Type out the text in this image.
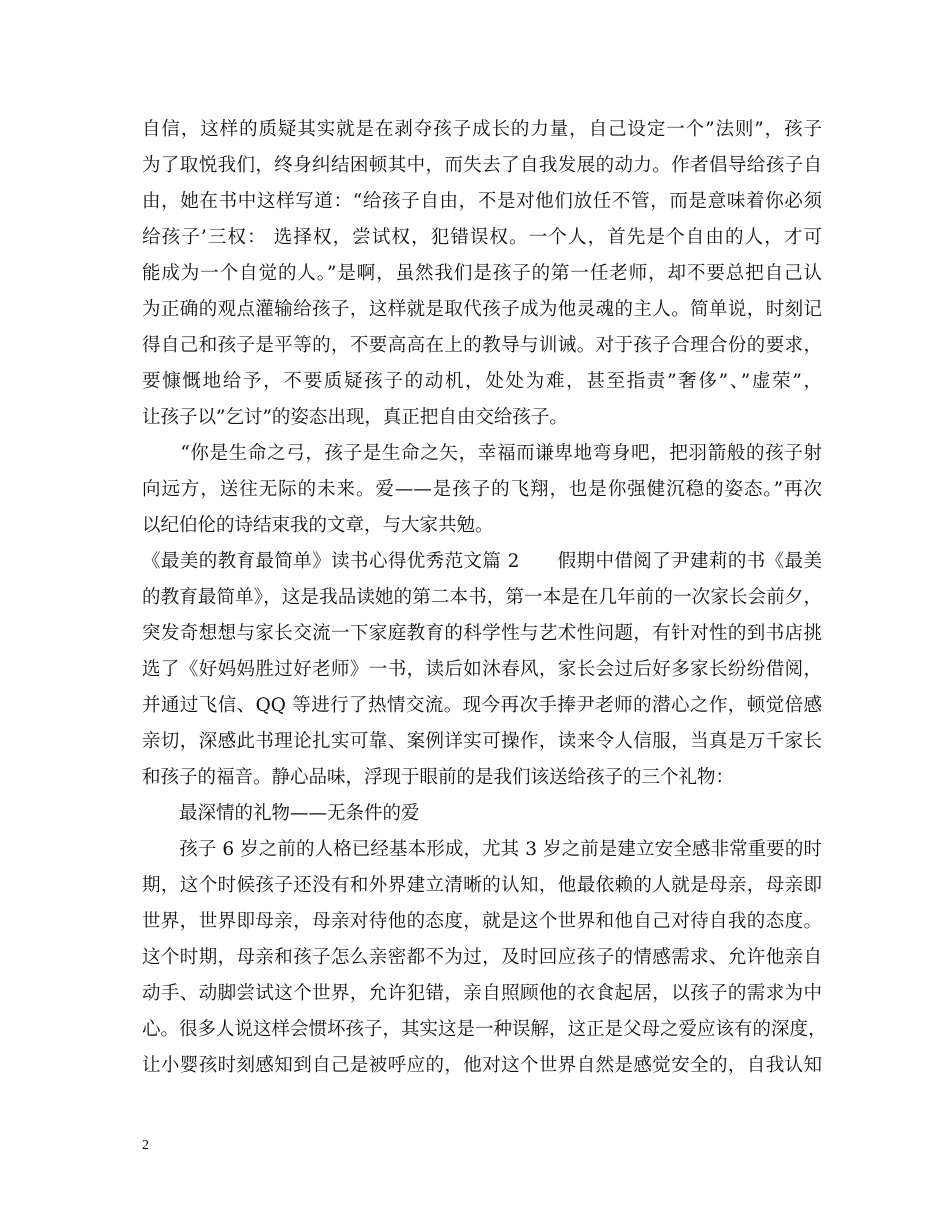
自信，这样的质疑其实就是在剥夺孩子成长的力量，自己设定一个”法则”，孩子
为了取悦我们，终身纠结困顿其中，而失去了自我发展的动力。作者倡导给孩子自
由，她在书中这样写道：“给孩子自由，不是对他们放任不管，而是意味着你必须
给孩子’三权： 选择权，尝试权，犯错误权。一个人，首先是个自由的人，才可
能成为一个自觉的人。”是啊，虽然我们是孩子的第一任老师，却不要总把自己认
为正确的观点灌输给孩子，这样就是取代孩子成为他灵魂的主人。简单说，时刻记
得自己和孩子是平等的，不要高高在上的教导与训诫。对于孩子合理合份的要求，
要慷慨地给予，不要质疑孩子的动机，处处为难，甚至指责”奢侈”、”虚荣”，
让孩子以”乞讨”的姿态出现，真正把自由交给孩子。
　　“你是生命之弓，孩子是生命之矢，幸福而谦卑地弯身吧，把羽箭般的孩子射
向远方，送往无际的未来。爱——是孩子的飞翔，也是你强健沉稳的姿态。”再次
以纪伯伦的诗结束我的文章，与大家共勉。
《最美的教育最简单》读书心得优秀范文篇 2　　假期中借阅了尹建莉的书《最美
的教育最简单》，这是我品读她的第二本书，第一本是在几年前的一次家长会前夕，
突发奇想想与家长交流一下家庭教育的科学性与艺术性问题，有针对性的到书店挑
选了《好妈妈胜过好老师》一书，读后如沐春风，家长会过后好多家长纷纷借阅，
并通过飞信、QQ 等进行了热情交流。现今再次手捧尹老师的潜心之作，顿觉倍感
亲切，深感此书理论扎实可靠、案例详实可操作，读来令人信服，当真是万千家长
和孩子的福音。静心品味，浮现于眼前的是我们该送给孩子的三个礼物：
　　最深情的礼物——无条件的爱
　　孩子 6 岁之前的人格已经基本形成，尤其 3 岁之前是建立安全感非常重要的时
期，这个时候孩子还没有和外界建立清晰的认知，他最依赖的人就是母亲，母亲即
世界，世界即母亲，母亲对待他的态度，就是这个世界和他自己对待自我的态度。
这个时期，母亲和孩子怎么亲密都不为过，及时回应孩子的情感需求、允许他亲自
动手、动脚尝试这个世界，允许犯错，亲自照顾他的衣食起居，以孩子的需求为中
心。很多人说这样会惯坏孩子，其实这是一种误解，这正是父母之爱应该有的深度，
让小婴孩时刻感知到自己是被呼应的，他对这个世界自然是感觉安全的，自我认知
2
